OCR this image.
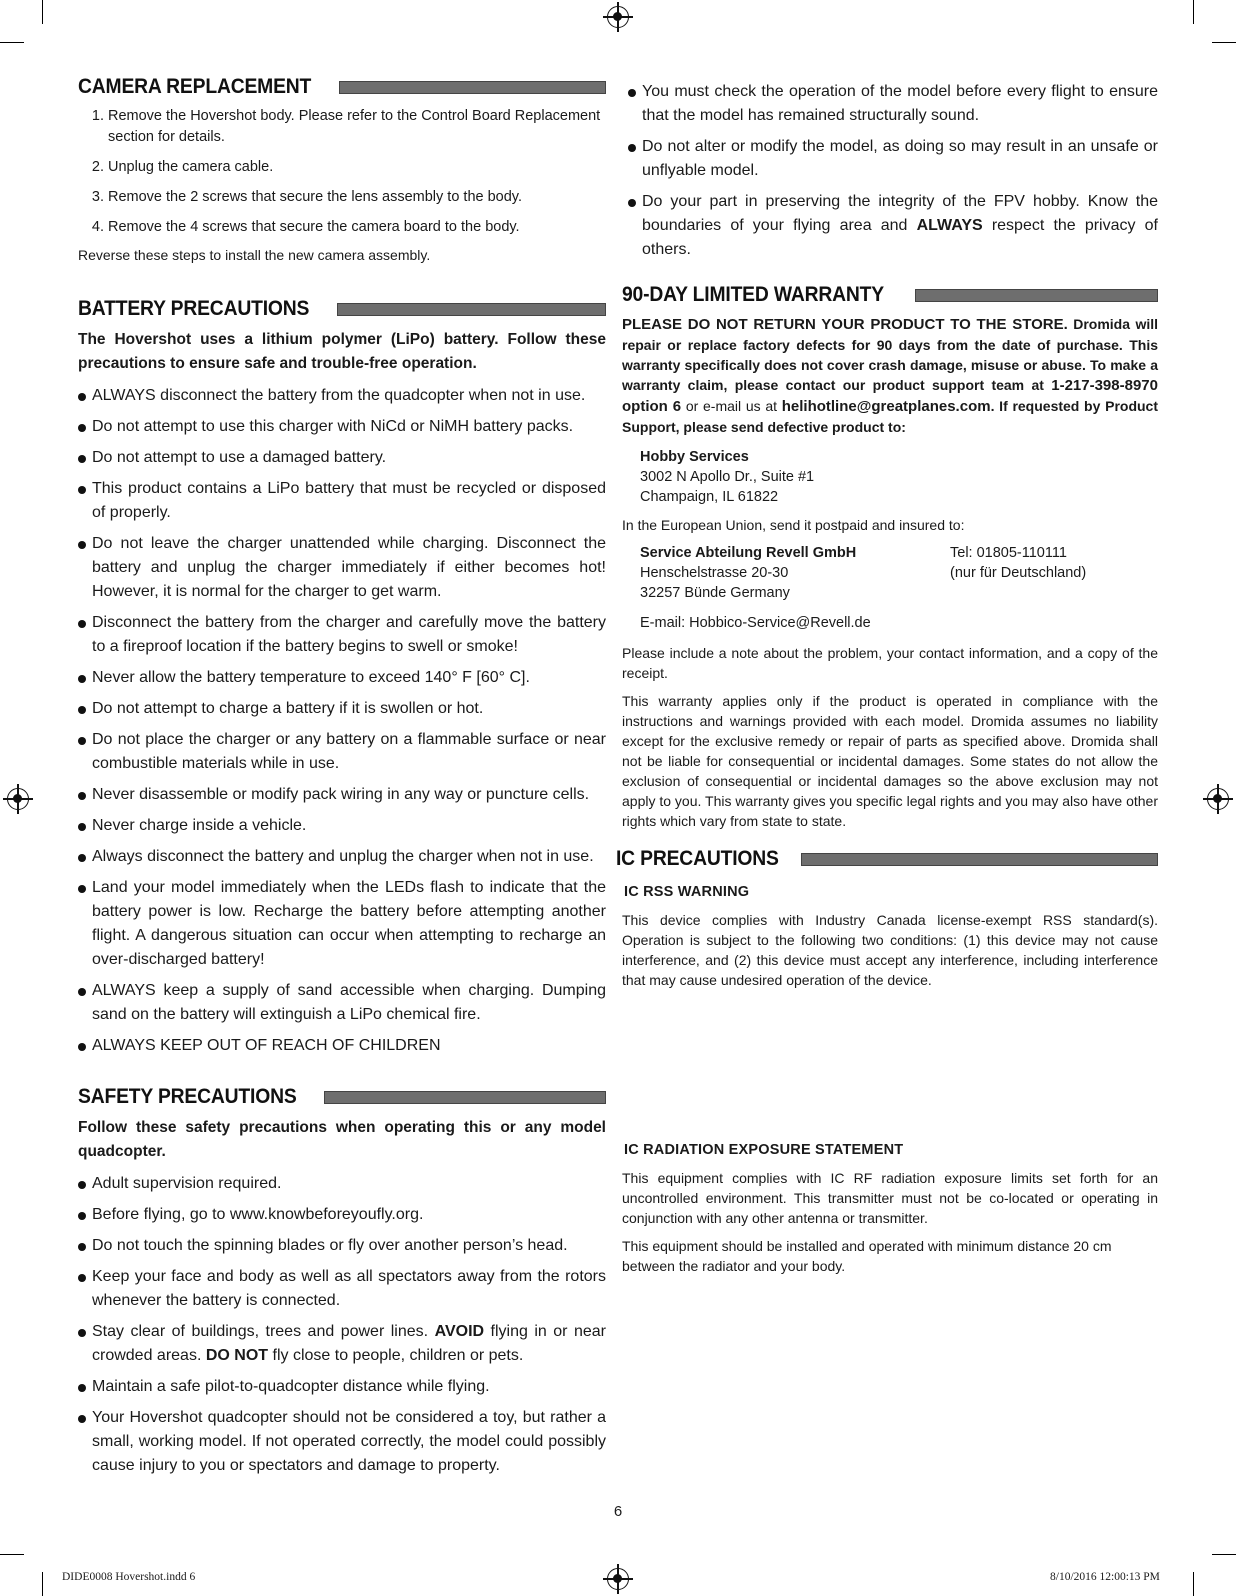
CAMERA REPLACEMENT
1. Remove the Hovershot body. Please refer to the Control Board Replacement section for details.
2. Unplug the camera cable.
3. Remove the 2 screws that secure the lens assembly to the body.
4. Remove the 4 screws that secure the camera board to the body.

Reverse these steps to install the new camera assembly.

BATTERY PRECAUTIONS

The Hovershot uses a lithium polymer (LiPo) battery. Follow these precautions to ensure safe and trouble-free operation.

ALWAYS disconnect the battery from the quadcopter when not in use.
Do not attempt to use this charger with NiCd or NiMH battery packs.
Do not attempt to use a damaged battery.
This product contains a LiPo battery that must be recycled or disposed of properly.
Do not leave the charger unattended while charging. Disconnect the battery and unplug the charger immediately if either becomes hot! However, it is normal for the charger to get warm.
Disconnect the battery from the charger and carefully move the battery to a fireproof location if the battery begins to swell or smoke!
Never allow the battery temperature to exceed 140° F [60° C].
Do not attempt to charge a battery if it is swollen or hot.
Do not place the charger or any battery on a flammable surface or near combustible materials while in use.
Never disassemble or modify pack wiring in any way or puncture cells.
Never charge inside a vehicle.
Always disconnect the battery and unplug the charger when not in use.
Land your model immediately when the LEDs flash to indicate that the battery power is low. Recharge the battery before attempting another flight. A dangerous situation can occur when attempting to recharge an over-discharged battery!
ALWAYS keep a supply of sand accessible when charging. Dumping sand on the battery will extinguish a LiPo chemical fire.
ALWAYS KEEP OUT OF REACH OF CHILDREN
SAFETY PRECAUTIONS

Follow these safety precautions when operating this or any model quadcopter.

Adult supervision required.
Before flying, go to www.knowbeforeyoufly.org.
Do not touch the spinning blades or fly over another person’s head.
Keep your face and body as well as all spectators away from the rotors whenever the battery is connected.
Stay clear of buildings, trees and power lines. AVOID flying in or near crowded areas. DO NOT fly close to people, children or pets.
Maintain a safe pilot-to-quadcopter distance while flying.
Your Hovershot quadcopter should not be considered a toy, but rather a small, working model. If not operated correctly, the model could possibly cause injury to you or spectators and damage to property.
You must check the operation of the model before every flight to ensure that the model has remained structurally sound.
Do not alter or modify the model, as doing so may result in an unsafe or unflyable model.
Do your part in preserving the integrity of the FPV hobby. Know the boundaries of your flying area and ALWAYS respect the privacy of others.
90-DAY LIMITED WARRANTY

PLEASE DO NOT RETURN YOUR PRODUCT TO THE STORE. Dromida will repair or replace factory defects for 90 days from the date of purchase. This warranty specifically does not cover crash damage, misuse or abuse. To make a warranty claim, please contact our product support team at 1-217-398-8970 option 6 or e-mail us at helihotline@greatplanes.com. If requested by Product Support, please send defective product to:

Hobby Services
3002 N Apollo Dr., Suite #1
Champaign, IL 61822

In the European Union, send it postpaid and insured to:

Service Abteilung Revell GmbH
Henschelstrasse 20-30
32257 Bünde Germany
Tel: 01805-110111
(nur für Deutschland)
E-mail: Hobbico-Service@Revell.de

Please include a note about the problem, your contact information, and a copy of the receipt.

This warranty applies only if the product is operated in compliance with the instructions and warnings provided with each model. Dromida assumes no liability except for the exclusive remedy or repair of parts as specified above. Dromida shall not be liable for consequential or incidental damages. Some states do not allow the exclusion of consequential or incidental damages so the above exclusion may not apply to you. This warranty gives you specific legal rights and you may also have other rights which vary from state to state.

IC PRECAUTIONS
IC RSS WARNING

This device complies with Industry Canada license-exempt RSS standard(s). Operation is subject to the following two conditions: (1) this device may not cause interference, and (2) this device must accept any interference, including interference that may cause undesired operation of the device.

IC RADIATION EXPOSURE STATEMENT

This equipment complies with IC RF radiation exposure limits set forth for an uncontrolled environment. This transmitter must not be co-located or operating in conjunction with any other antenna or transmitter.

This equipment should be installed and operated with minimum distance 20 cm between the radiator and your body.

6
DIDE0008 Hovershot.indd 6	8/10/2016 12:00:13 PM
